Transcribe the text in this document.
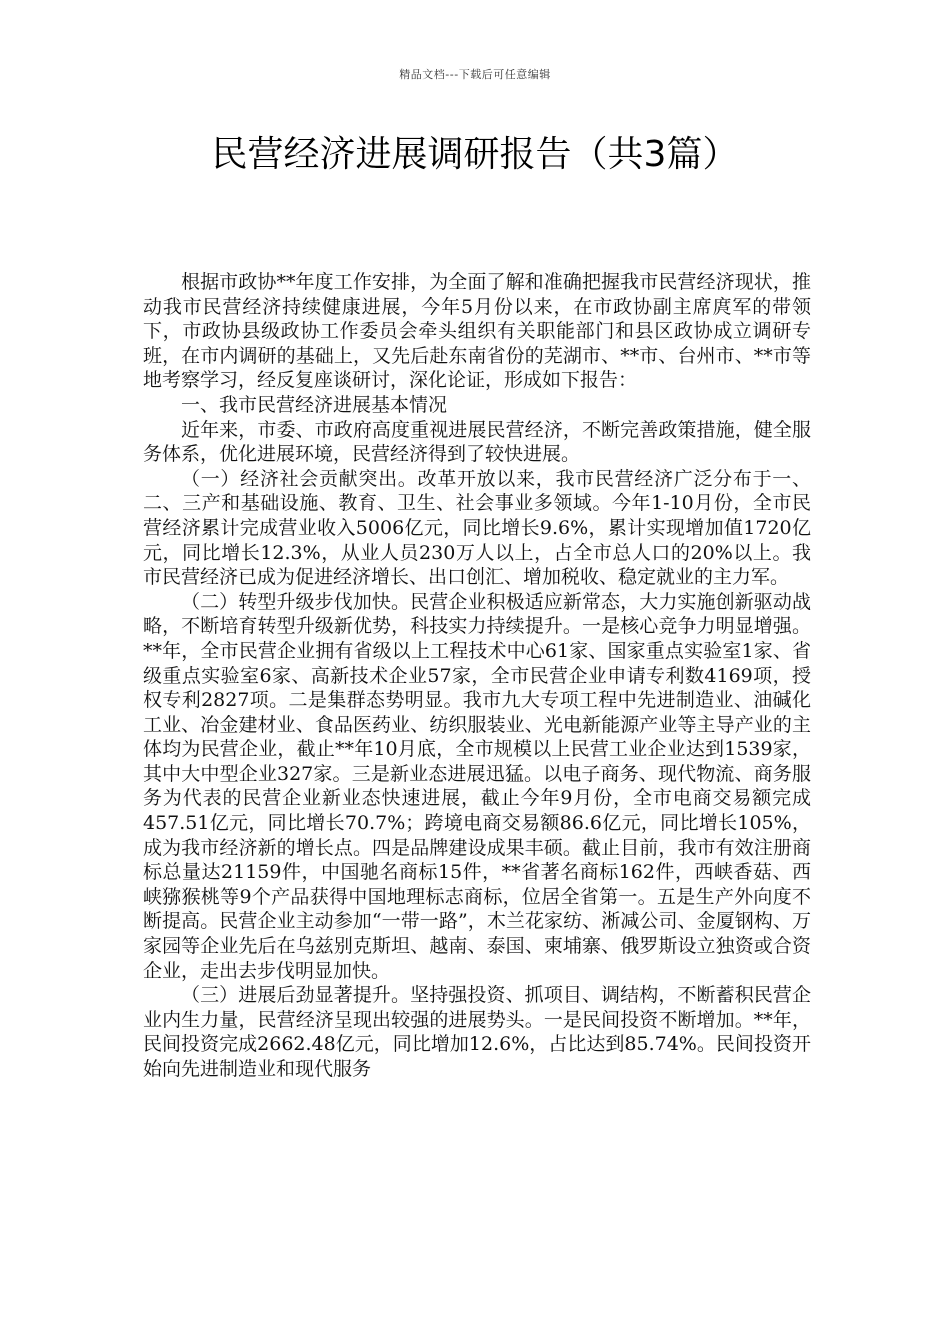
精品文档---下载后可任意编辑
民营经济进展调研报告（共3篇）

根据市政协**年度工作安排，为全面了解和准确把握我市民营经济现状，推动我市民营经济持续健康进展，今年5月份以来，在市政协副主席庹军的带领下，市政协县级政协工作委员会牵头组织有关职能部门和县区政协成立调研专班，在市内调研的基础上，又先后赴东南省份的芜湖市、**市、台州市、**市等地考察学习，经反复座谈研讨，深化论证，形成如下报告：

一、我市民营经济进展基本情况

近年来，市委、市政府高度重视进展民营经济，不断完善政策措施，健全服务体系，优化进展环境，民营经济得到了较快进展。

（一）经济社会贡献突出。改革开放以来，我市民营经济广泛分布于一、二、三产和基础设施、教育、卫生、社会事业多领域。今年1-10月份，全市民营经济累计完成营业收入5006亿元，同比增长9.6%，累计实现增加值1720亿元，同比增长12.3%，从业人员230万人以上，占全市总人口的20%以上。我市民营经济已成为促进经济增长、出口创汇、增加税收、稳定就业的主力军。

（二）转型升级步伐加快。民营企业积极适应新常态，大力实施创新驱动战略，不断培育转型升级新优势，科技实力持续提升。一是核心竞争力明显增强。**年，全市民营企业拥有省级以上工程技术中心61家、国家重点实验室1家、省级重点实验室6家、高新技术企业57家，全市民营企业申请专利数4169项，授权专利2827项。二是集群态势明显。我市九大专项工程中先进制造业、油碱化工业、冶金建材业、食品医药业、纺织服装业、光电新能源产业等主导产业的主体均为民营企业，截止**年10月底，全市规模以上民营工业企业达到1539家，其中大中型企业327家。三是新业态进展迅猛。以电子商务、现代物流、商务服务为代表的民营企业新业态快速进展，截止今年9月份，全市电商交易额完成457.51亿元，同比增长70.7%；跨境电商交易额86.6亿元，同比增长105%，成为我市经济新的增长点。四是品牌建设成果丰硕。截止目前，我市有效注册商标总量达21159件，中国驰名商标15件，**省著名商标162件，西峡香菇、西峡猕猴桃等9个产品获得中国地理标志商标，位居全省第一。五是生产外向度不断提高。民营企业主动参加“一带一路”，木兰花家纺、淅减公司、金厦钢构、万家园等企业先后在乌兹别克斯坦、越南、泰国、柬埔寨、俄罗斯设立独资或合资企业，走出去步伐明显加快。

（三）进展后劲显著提升。坚持强投资、抓项目、调结构，不断蓄积民营企业内生力量，民营经济呈现出较强的进展势头。一是民间投资不断增加。**年，民间投资完成2662.48亿元，同比增加12.6%，占比达到85.74%。民间投资开始向先进制造业和现代服务
